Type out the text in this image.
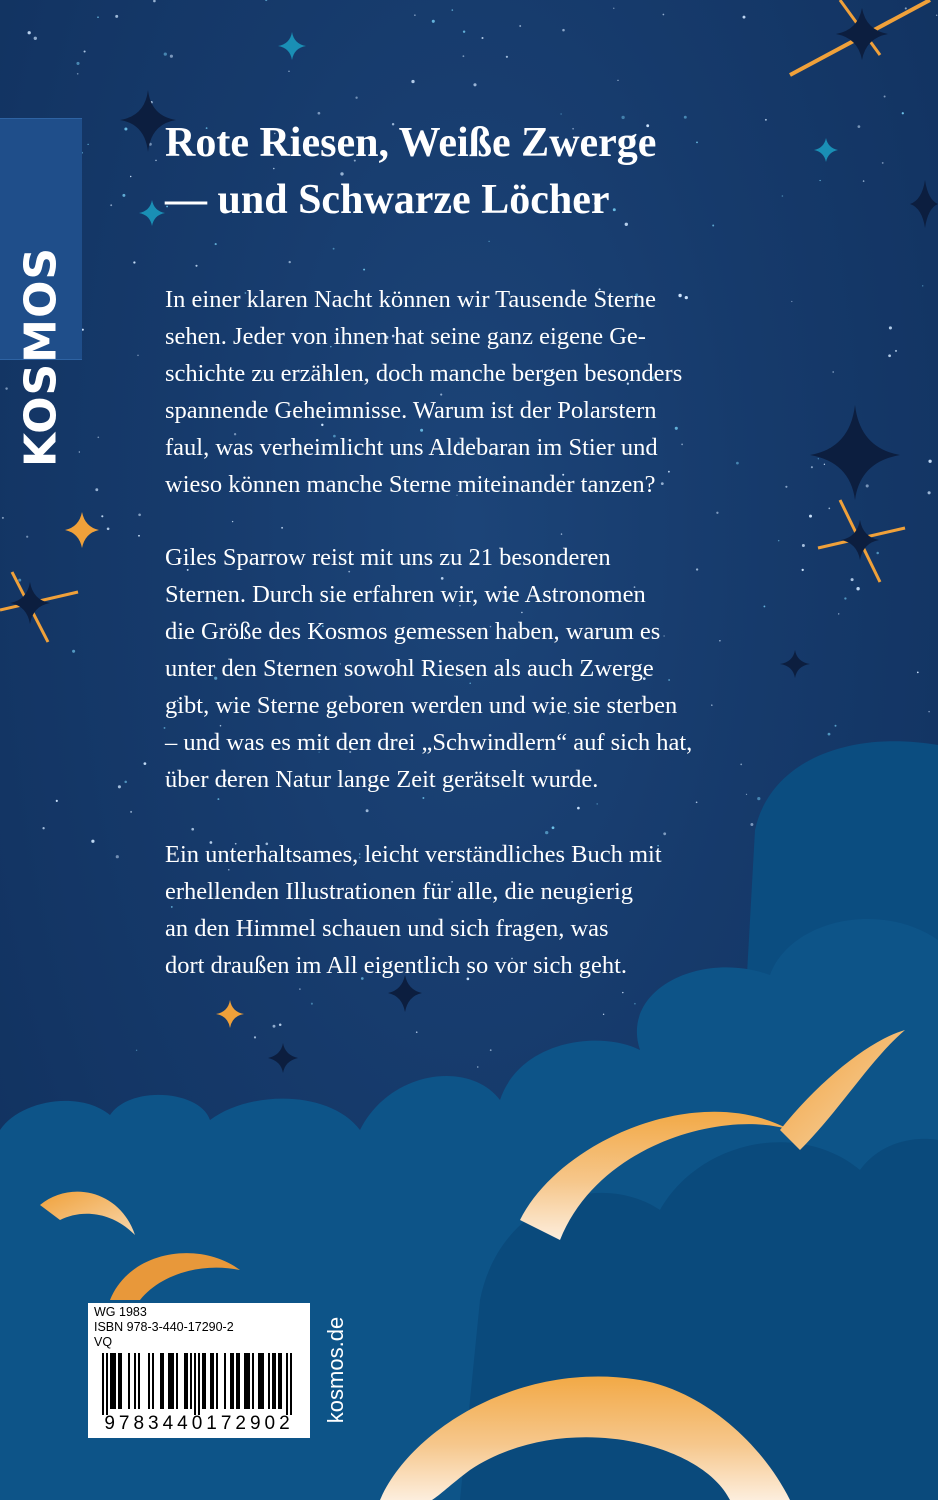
KOSMOS
Rote Riesen, Weiße Zwerge
— und Schwarze Löcher

In einer klaren Nacht können wir Tausende Sterne
sehen. Jeder von ihnen hat seine ganz eigene Ge-
schichte zu erzählen, doch manche bergen besonders
spannende Geheimnisse. Warum ist der Polarstern
faul, was verheimlicht uns Aldebaran im Stier und
wieso können manche Sterne miteinander tanzen?

Giles Sparrow reist mit uns zu 21 besonderen
Sternen. Durch sie erfahren wir, wie Astronomen
die Größe des Kosmos gemessen haben, warum es
unter den Sternen sowohl Riesen als auch Zwerge
gibt, wie Sterne geboren werden und wie sie sterben
– und was es mit den drei „Schwindlern“ auf sich hat,
über deren Natur lange Zeit gerätselt wurde.

Ein unterhaltsames, leicht verständliches Buch mit
erhellenden Illustrationen für alle, die neugierig
an den Himmel schauen und sich fragen, was
dort draußen im All eigentlich so vor sich geht.

WG 1983
ISBN 978-3-440-17290-2
VQ
9783440172902
kosmos.de
